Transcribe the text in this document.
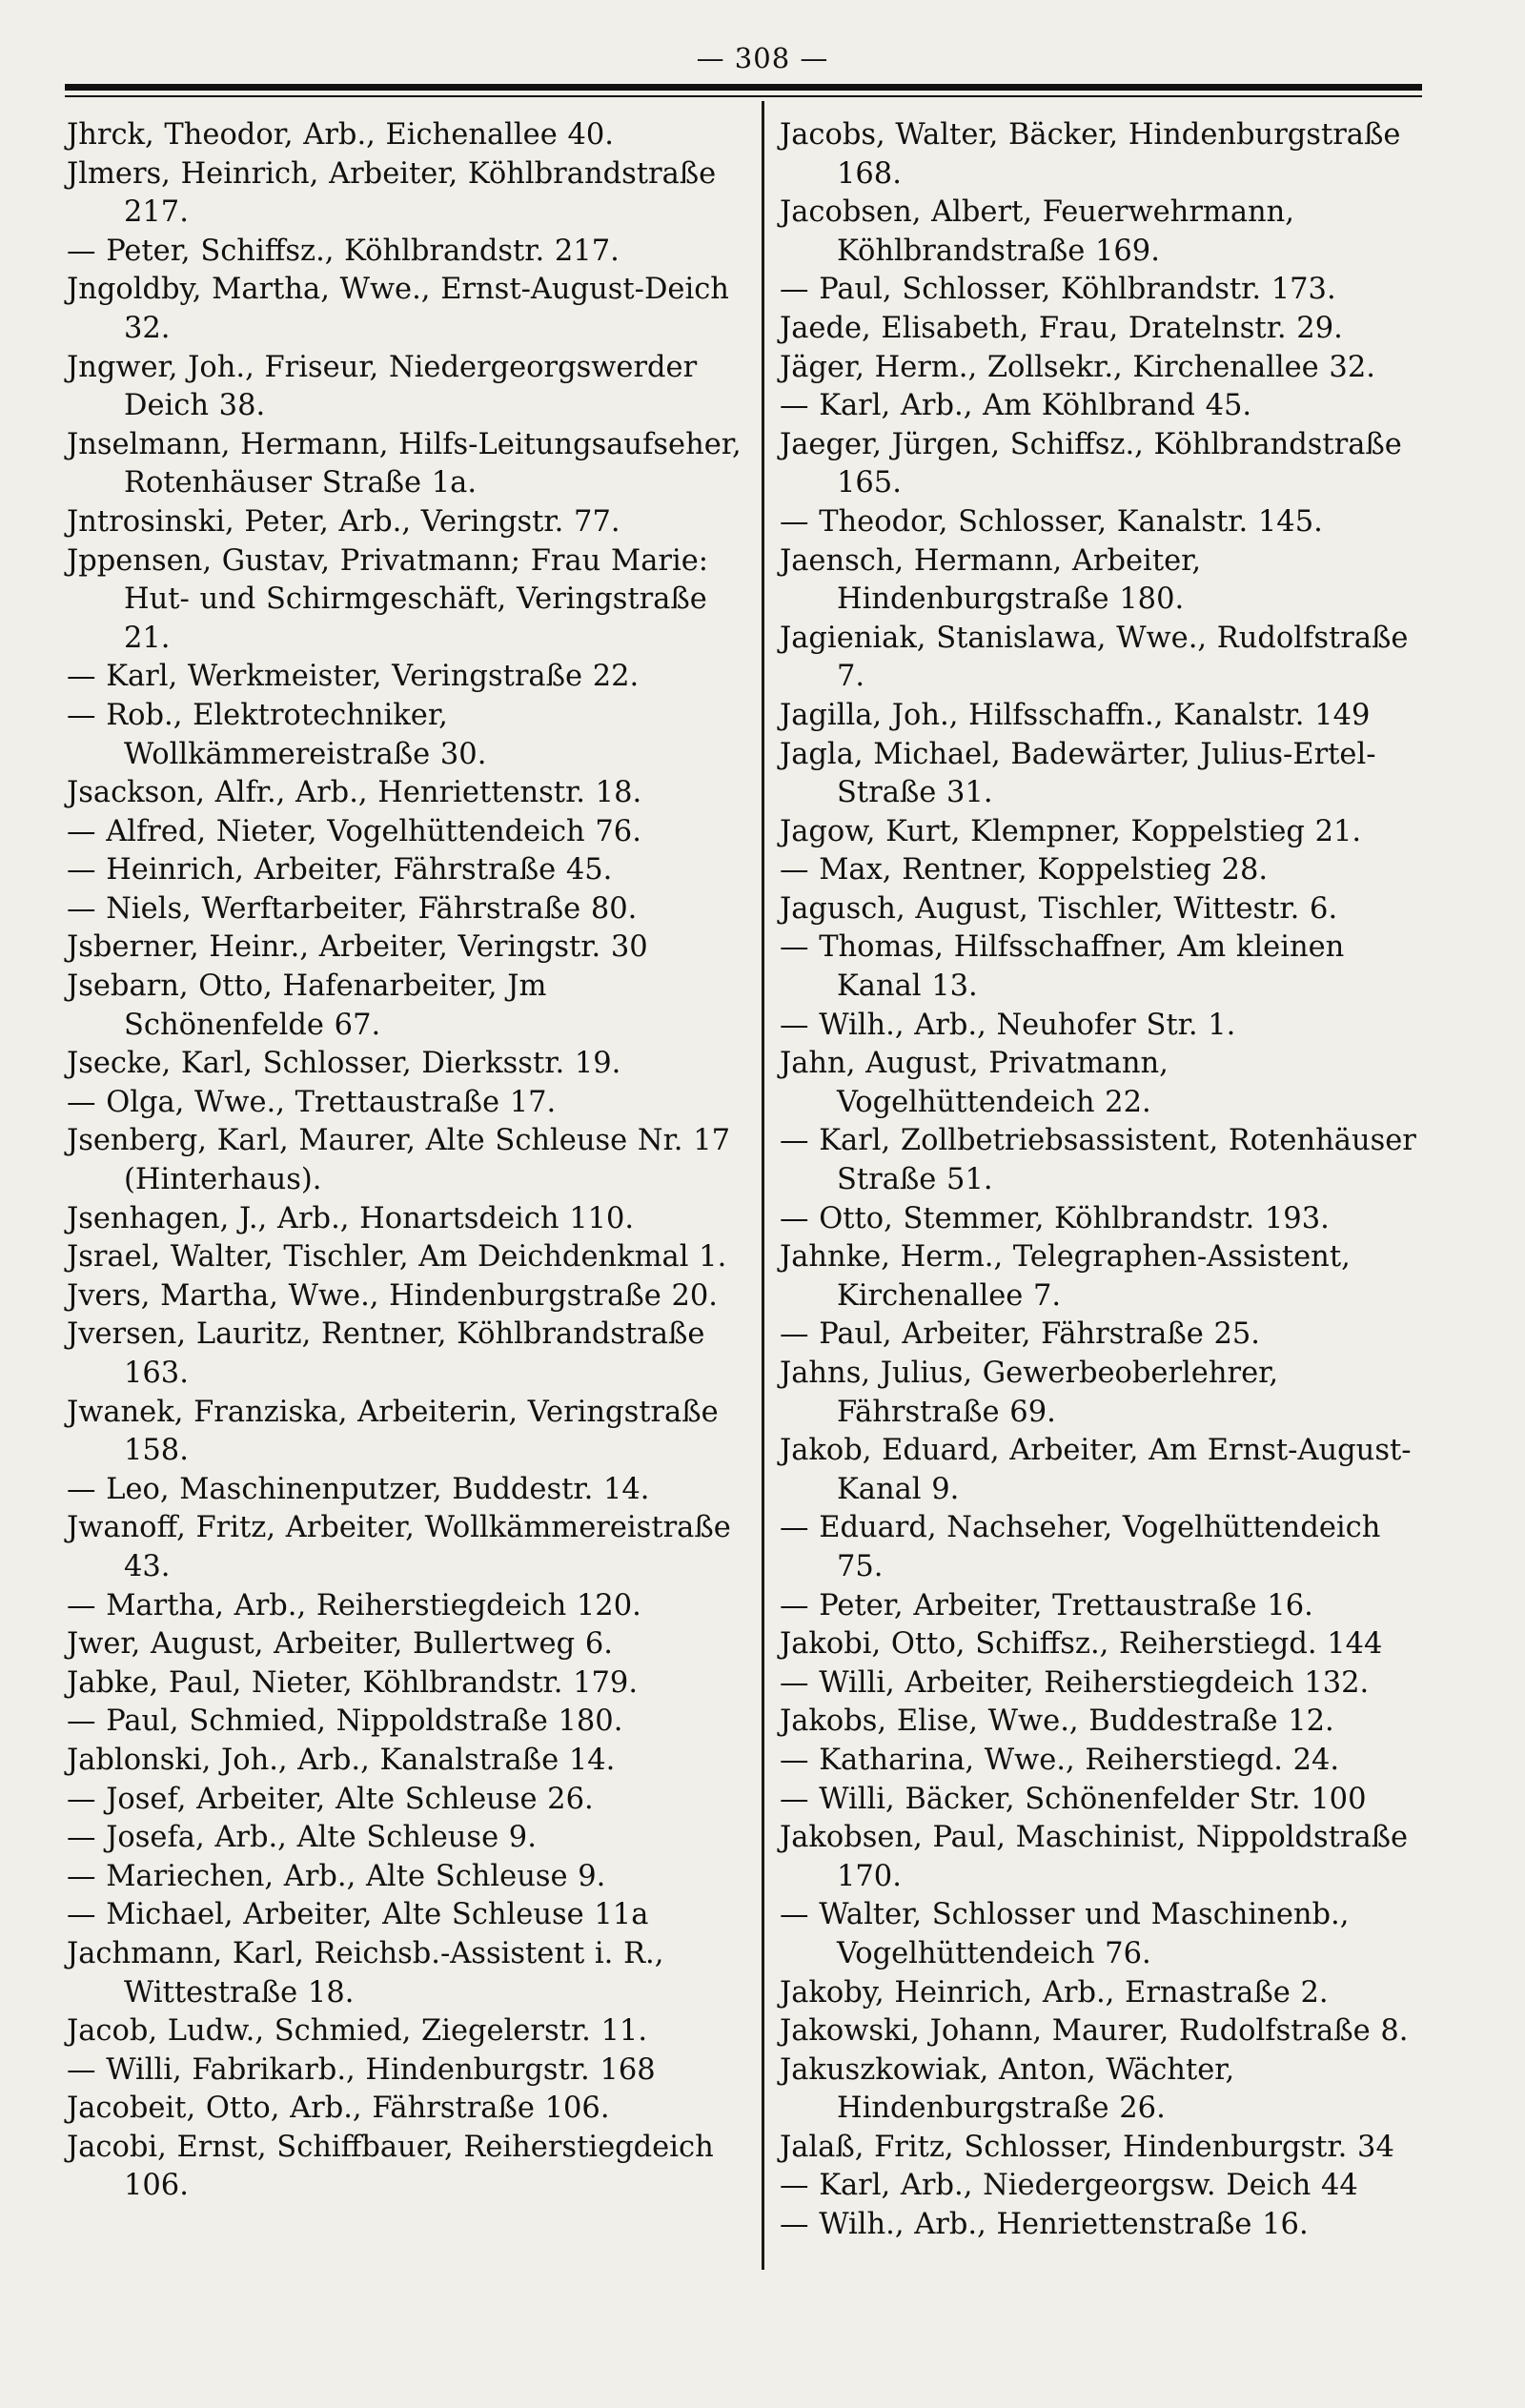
— 308 —

Jhrck, Theodor, Arb., Eichenallee 40.

Jlmers, Heinrich, Arbeiter, Köhlbrandstraße 217.

— Peter, Schiffsz., Köhlbrandstr. 217.

Jngoldby, Martha, Wwe., Ernst-August-Deich 32.

Jngwer, Joh., Friseur, Niedergeorgswerder Deich 38.

Jnselmann, Hermann, Hilfs-Leitungsaufseher, Rotenhäuser Straße 1a.

Jntrosinski, Peter, Arb., Veringstr. 77.

Jppensen, Gustav, Privatmann; Frau Marie: Hut- und Schirmgeschäft, Veringstraße 21.

— Karl, Werkmeister, Veringstraße 22.

— Rob., Elektrotechniker, Wollkämmereistraße 30.

Jsackson, Alfr., Arb., Henriettenstr. 18.

— Alfred, Nieter, Vogelhüttendeich 76.

— Heinrich, Arbeiter, Fährstraße 45.

— Niels, Werftarbeiter, Fährstraße 80.

Jsberner, Heinr., Arbeiter, Veringstr. 30

Jsebarn, Otto, Hafenarbeiter, Jm Schönenfelde 67.

Jsecke, Karl, Schlosser, Dierksstr. 19.

— Olga, Wwe., Trettaustraße 17.

Jsenberg, Karl, Maurer, Alte Schleuse Nr. 17 (Hinterhaus).

Jsenhagen, J., Arb., Honartsdeich 110.

Jsrael, Walter, Tischler, Am Deichdenkmal 1.

Jvers, Martha, Wwe., Hindenburgstraße 20.

Jversen, Lauritz, Rentner, Köhlbrandstraße 163.

Jwanek, Franziska, Arbeiterin, Veringstraße 158.

— Leo, Maschinenputzer, Buddestr. 14.

Jwanoff, Fritz, Arbeiter, Wollkämmereistraße 43.

— Martha, Arb., Reiherstiegdeich 120.

Jwer, August, Arbeiter, Bullertweg 6.

Jabke, Paul, Nieter, Köhlbrandstr. 179.

— Paul, Schmied, Nippoldstraße 180.

Jablonski, Joh., Arb., Kanalstraße 14.

— Josef, Arbeiter, Alte Schleuse 26.

— Josefa, Arb., Alte Schleuse 9.

— Mariechen, Arb., Alte Schleuse 9.

— Michael, Arbeiter, Alte Schleuse 11a

Jachmann, Karl, Reichsb.-Assistent i. R., Wittestraße 18.

Jacob, Ludw., Schmied, Ziegelerstr. 11.

— Willi, Fabrikarb., Hindenburgstr. 168

Jacobeit, Otto, Arb., Fährstraße 106.

Jacobi, Ernst, Schiffbauer, Reiherstiegdeich 106.

Jacobs, Walter, Bäcker, Hindenburgstraße 168.

Jacobsen, Albert, Feuerwehrmann, Köhlbrandstraße 169.

— Paul, Schlosser, Köhlbrandstr. 173.

Jaede, Elisabeth, Frau, Dratelnstr. 29.

Jäger, Herm., Zollsekr., Kirchenallee 32.

— Karl, Arb., Am Köhlbrand 45.

Jaeger, Jürgen, Schiffsz., Köhlbrandstraße 165.

— Theodor, Schlosser, Kanalstr. 145.

Jaensch, Hermann, Arbeiter, Hindenburgstraße 180.

Jagieniak, Stanislawa, Wwe., Rudolfstraße 7.

Jagilla, Joh., Hilfsschaffn., Kanalstr. 149

Jagla, Michael, Badewärter, Julius-Ertel-Straße 31.

Jagow, Kurt, Klempner, Koppelstieg 21.

— Max, Rentner, Koppelstieg 28.

Jagusch, August, Tischler, Wittestr. 6.

— Thomas, Hilfsschaffner, Am kleinen Kanal 13.

— Wilh., Arb., Neuhofer Str. 1.

Jahn, August, Privatmann, Vogelhüttendeich 22.

— Karl, Zollbetriebsassistent, Rotenhäuser Straße 51.

— Otto, Stemmer, Köhlbrandstr. 193.

Jahnke, Herm., Telegraphen-Assistent, Kirchenallee 7.

— Paul, Arbeiter, Fährstraße 25.

Jahns, Julius, Gewerbeoberlehrer, Fährstraße 69.

Jakob, Eduard, Arbeiter, Am Ernst-August-Kanal 9.

— Eduard, Nachseher, Vogelhüttendeich 75.

— Peter, Arbeiter, Trettaustraße 16.

Jakobi, Otto, Schiffsz., Reiherstiegd. 144

— Willi, Arbeiter, Reiherstiegdeich 132.

Jakobs, Elise, Wwe., Buddestraße 12.

— Katharina, Wwe., Reiherstiegd. 24.

— Willi, Bäcker, Schönenfelder Str. 100

Jakobsen, Paul, Maschinist, Nippoldstraße 170.

— Walter, Schlosser und Maschinenb., Vogelhüttendeich 76.

Jakoby, Heinrich, Arb., Ernastraße 2.

Jakowski, Johann, Maurer, Rudolfstraße 8.

Jakuszkowiak, Anton, Wächter, Hindenburgstraße 26.

Jalaß, Fritz, Schlosser, Hindenburgstr. 34

— Karl, Arb., Niedergeorgsw. Deich 44

— Wilh., Arb., Henriettenstraße 16.
